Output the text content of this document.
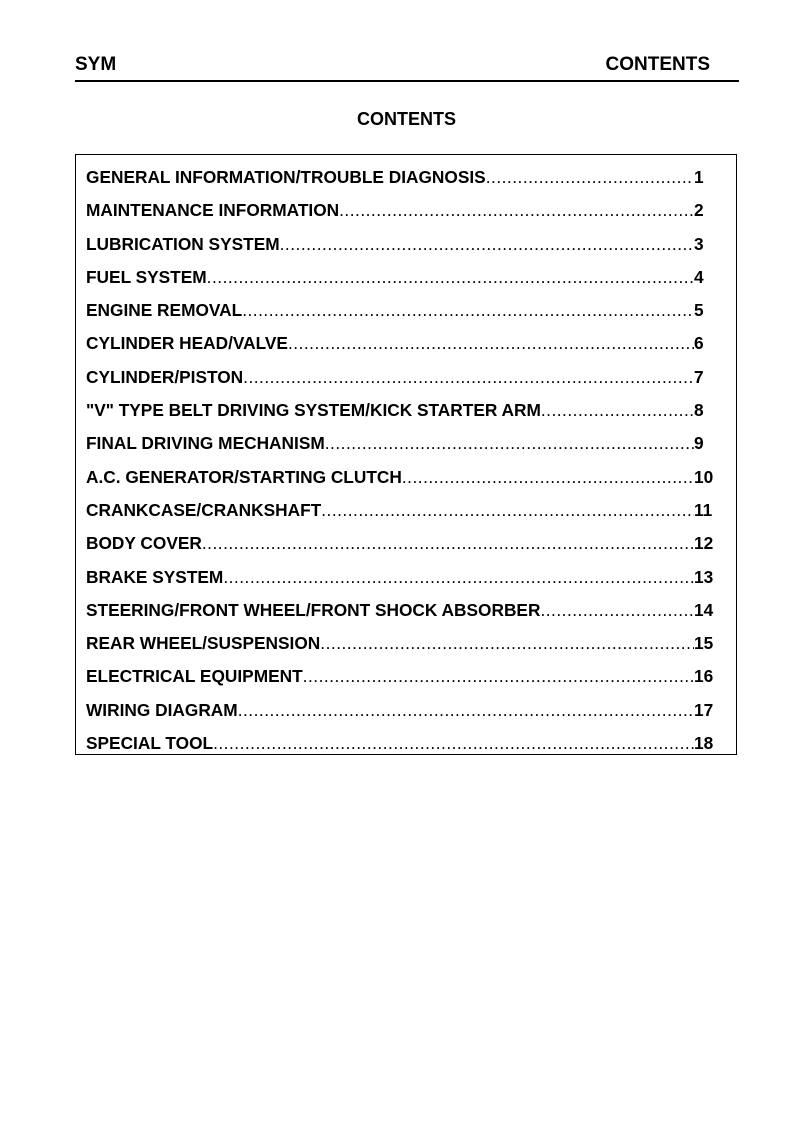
SYM	CONTENTS
CONTENTS
GENERAL INFORMATION/TROUBLE DIAGNOSIS .....	1
MAINTENANCE INFORMATION .....	2
LUBRICATION SYSTEM .....	3
FUEL SYSTEM .....	4
ENGINE REMOVAL .....	5
CYLINDER HEAD/VALVE .....	6
CYLINDER/PISTON .....	7
"V" TYPE BELT DRIVING SYSTEM/KICK STARTER ARM .....	8
FINAL DRIVING MECHANISM .....	9
A.C. GENERATOR/STARTING CLUTCH .....	10
CRANKCASE/CRANKSHAFT .....	11
BODY COVER .....	12
BRAKE SYSTEM .....	13
STEERING/FRONT WHEEL/FRONT SHOCK ABSORBER .....	14
REAR WHEEL/SUSPENSION .....	15
ELECTRICAL EQUIPMENT .....	16
WIRING DIAGRAM .....	17
SPECIAL TOOL .....	18
